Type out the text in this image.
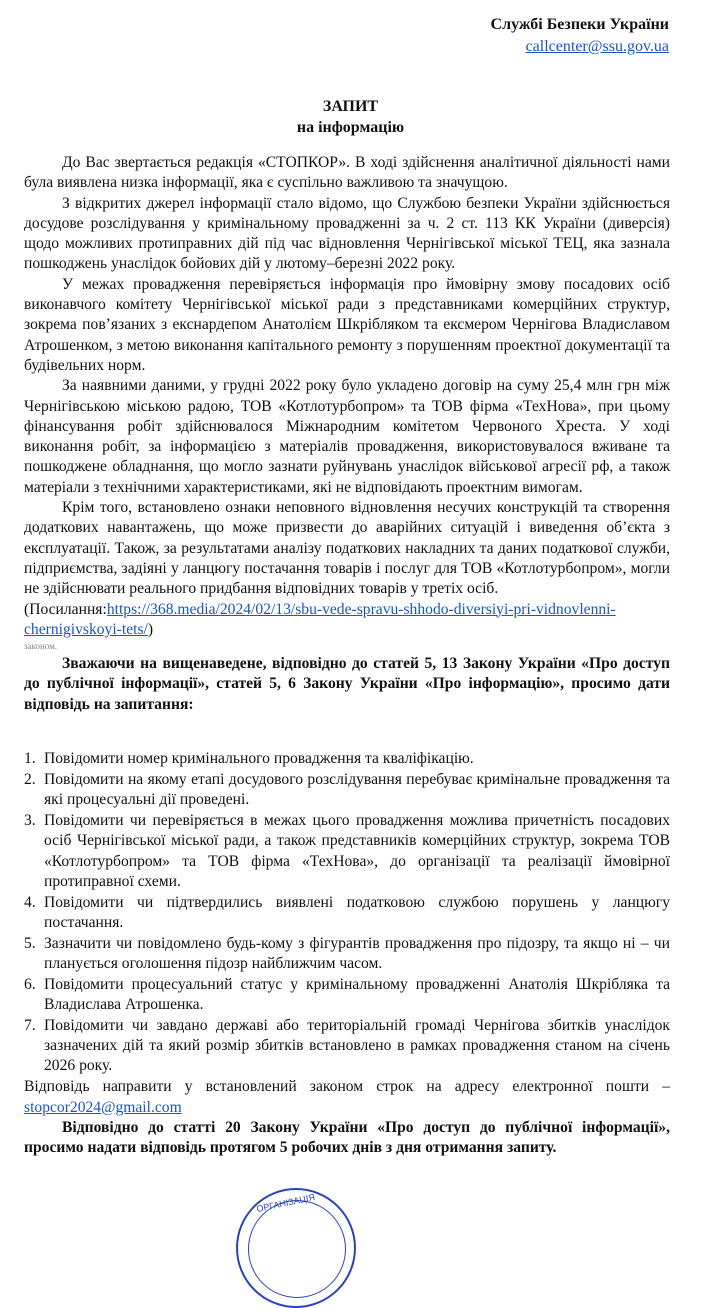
Службі Безпеки України
callcenter@ssu.gov.ua
ЗАПИТ
на інформацію

До Вас звертається редакція «СТОПКОР». В ході здійснення аналітичної діяльності нами була виявлена низка інформації, яка є суспільно важливою та значущою.

З відкритих джерел інформації стало відомо, що Службою безпеки України здійснюється досудове розслідування у кримінальному провадженні за ч. 2 ст. 113 КК України (диверсія) щодо можливих протиправних дій під час відновлення Чернігівської міської ТЕЦ, яка зазнала пошкоджень унаслідок бойових дій у лютому–березні 2022 року.

У межах провадження перевіряється інформація про ймовірну змову посадових осіб виконавчого комітету Чернігівської міської ради з представниками комерційних структур, зокрема пов’язаних з екснардепом Анатолієм Шкрібляком та ексмером Чернігова Владиславом Атрошенком, з метою виконання капітального ремонту з порушенням проектної документації та будівельних норм.

За наявними даними, у грудні 2022 року було укладено договір на суму 25,4 млн грн між Чернігівською міською радою, ТОВ «Котлотурбопром» та ТОВ фірма «ТехНова», при цьому фінансування робіт здійснювалося Міжнародним комітетом Червоного Хреста. У ході виконання робіт, за інформацією з матеріалів провадження, використовувалося вживане та пошкоджене обладнання, що могло зазнати руйнувань унаслідок військової агресії рф, а також матеріали з технічними характеристиками, які не відповідають проектним вимогам.

Крім того, встановлено ознаки неповного відновлення несучих конструкцій та створення додаткових навантажень, що може призвести до аварійних ситуацій і виведення об’єкта з експлуатації. Також, за результатами аналізу податкових накладних та даних податкової служби, підприємства, задіяні у ланцюгу постачання товарів і послуг для ТОВ «Котлотурбопром», могли не здійснювати реального придбання відповідних товарів у третіх осіб.

(Посилання:https://368.media/2024/02/13/sbu-vede-spravu-shhodo-diversiyi-pri-vidnovlenni-chernigivskoyi-tets/)

законом.

Зважаючи на вищенаведене, відповідно до статей 5, 13 Закону України «Про доступ до публічної інформації», статей 5, 6 Закону України «Про інформацію», просимо дати відповідь на запитання:

1. Повідомити номер кримінального провадження та кваліфікацію.
2. Повідомити на якому етапі досудового розслідування перебуває кримінальне провадження та які процесуальні дії проведені.
3. Повідомити чи перевіряється в межах цього провадження можлива причетність посадових осіб Чернігівської міської ради, а також представників комерційних структур, зокрема ТОВ «Котлотурбопром» та ТОВ фірма «ТехНова», до організації та реалізації ймовірної протиправної схеми.
4. Повідомити чи підтвердились виявлені податковою службою порушень у ланцюгу постачання.
5. Зазначити чи повідомлено будь-кому з фігурантів провадження про підозру, та якщо ні – чи планується оголошення підозр найближчим часом.
6. Повідомити процесуальний статус у кримінальному провадженні Анатолія Шкрібляка та Владислава Атрошенка.
7. Повідомити чи завдано державі або територіальній громаді Чернігова збитків унаслідок зазначених дій та який розмір збитків встановлено в рамках провадження станом на січень 2026 року.

Відповідь направити у встановлений законом строк на адресу електронної пошти – stopcor2024@gmail.com

Відповідно до статті 20 Закону України «Про доступ до публічної інформації», просимо надати відповідь протягом 5 робочих днів з дня отримання запиту.

ОРГАНІЗАЦІЯ
